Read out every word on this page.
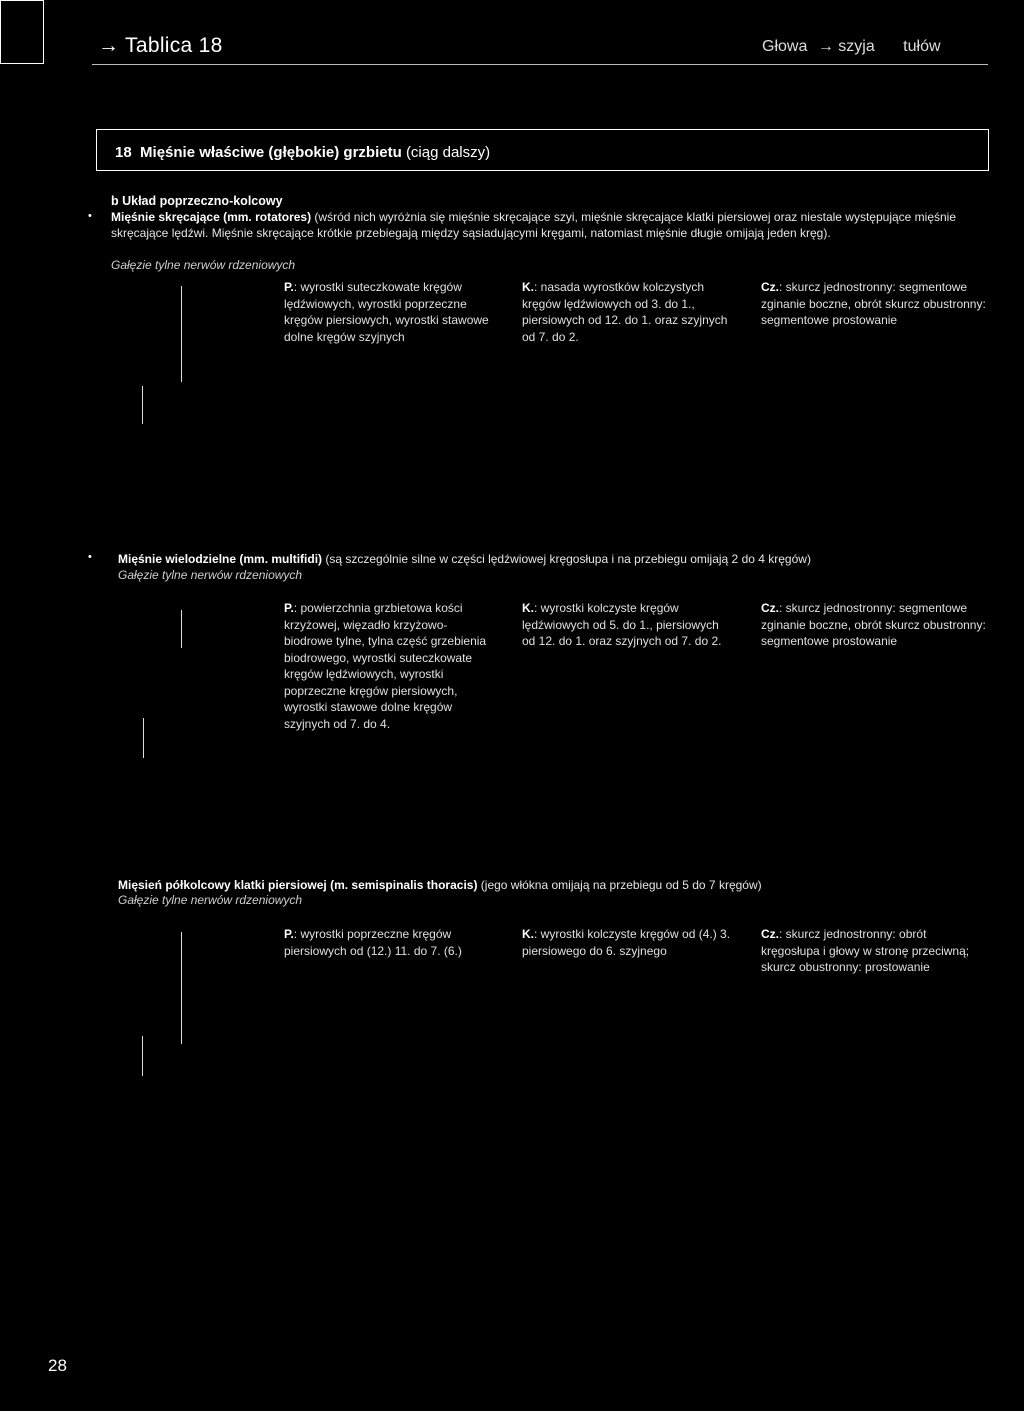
→ Tablica 18	Głowa → szyja tułów
18 Mięśnie właściwe (głębokie) grzbietu (ciąg dalszy)
b Układ poprzeczno-kolcowy
• Mięśnie skręcające (mm. rotatores) (wśród nich wyróżnia się mięśnie skręcające szyi, mięśnie skręcające klatki piersiowej oraz niestale występujące mięśnie skręcające lędźwi. Mięśnie skręcające krótkie przebiegają między sąsiadującymi kręgami, natomiast mięśnie długie omijają jeden kręg).
Gałęzie tylne nerwów rdzeniowych
P.: wyrostki suteczkowate kręgów lędźwiowych, wyrostki poprzeczne kręgów piersiowych, wyrostki stawowe dolne kręgów szyjnych
K.: nasada wyrostków kolczystych kręgów lędźwiowych od 3. do 1., piersiowych od 12. do 1. oraz szyjnych od 7. do 2.
Cz.: skurcz jednostronny: segmentowe zginanie boczne, obrót skurcz obustronny: segmentowe prostowanie
• Mięśnie wielodzielne (mm. multifidi) (są szczególnie silne w części lędźwiowej kręgosłupa i na przebiegu omijają 2 do 4 kręgów)
Gałęzie tylne nerwów rdzeniowych
P.: powierzchnia grzbietowa kości krzyżowej, więzadło krzyżowo-biodrowe tylne, tylna część grzebienia biodrowego, wyrostki suteczkowate kręgów lędźwiowych, wyrostki poprzeczne kręgów piersiowych, wyrostki stawowe dolne kręgów szyjnych od 7. do 4.
K.: wyrostki kolczyste kręgów lędźwiowych od 5. do 1., piersiowych od 12. do 1. oraz szyjnych od 7. do 2.
Cz.: skurcz jednostronny: segmentowe zginanie boczne, obrót skurcz obustronny: segmentowe prostowanie
Mięsień półkolcowy klatki piersiowej (m. semispinalis thoracis) (jego włókna omijają na przebiegu od 5 do 7 kręgów)
Gałęzie tylne nerwów rdzeniowych
P.: wyrostki poprzeczne kręgów piersiowych od (12.) 11. do 7. (6.)
K.: wyrostki kolczyste kręgów od (4.) 3. piersiowego do 6. szyjnego
Cz.: skurcz jednostronny: obrót kręgosłupa i głowy w stronę przeciwną; skurcz obustronny: prostowanie
28
